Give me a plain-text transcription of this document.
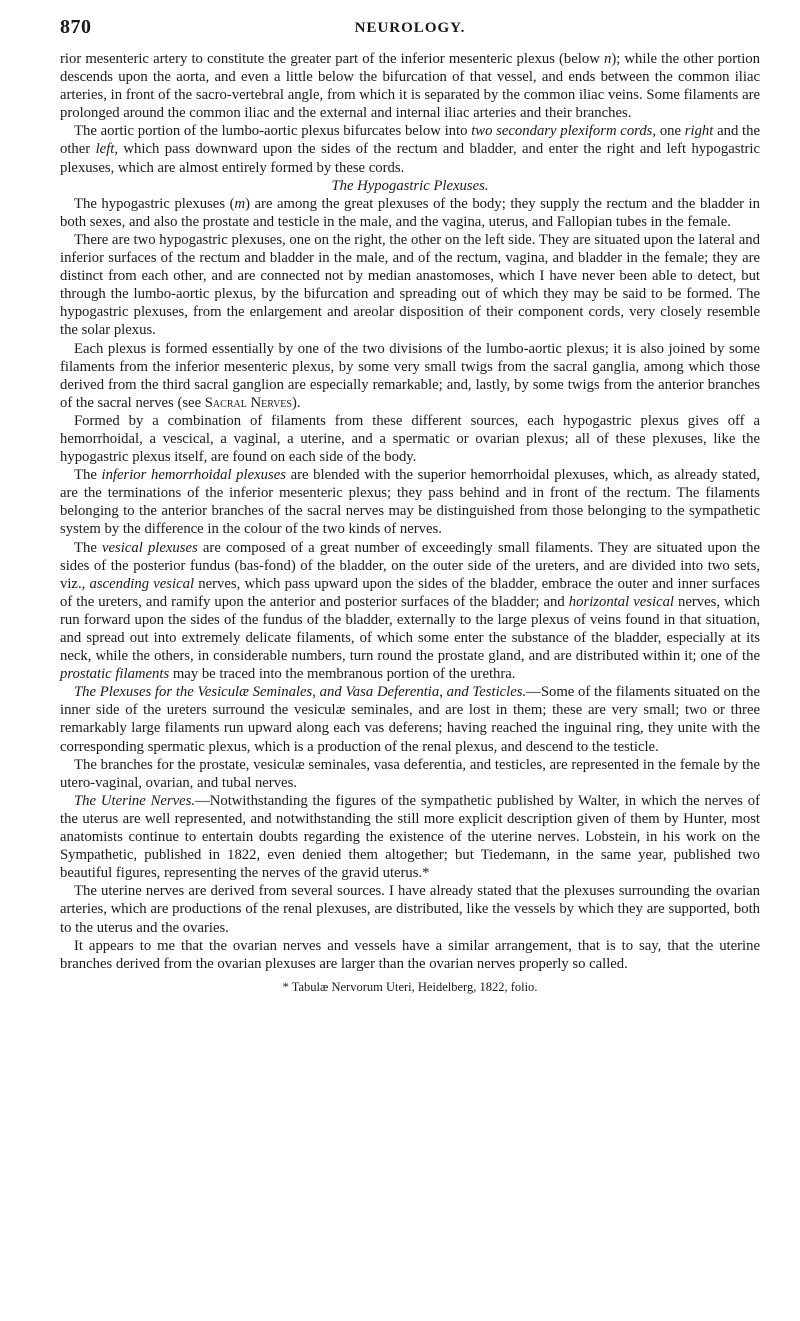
870	NEUROLOGY.

rior mesenteric artery to constitute the greater part of the inferior mesenteric plexus (below n); while the other portion descends upon the aorta, and even a little below the bifurcation of that vessel, and ends between the common iliac arteries, in front of the sacro-vertebral angle, from which it is separated by the common iliac veins. Some filaments are prolonged around the common iliac and the external and internal iliac arteries and their branches.

The aortic portion of the lumbo-aortic plexus bifurcates below into two secondary plexiform cords, one right and the other left, which pass downward upon the sides of the rectum and bladder, and enter the right and left hypogastric plexuses, which are almost entirely formed by these cords.

The Hypogastric Plexuses.

The hypogastric plexuses (m) are among the great plexuses of the body; they supply the rectum and the bladder in both sexes, and also the prostate and testicle in the male, and the vagina, uterus, and Fallopian tubes in the female.

There are two hypogastric plexuses, one on the right, the other on the left side. They are situated upon the lateral and inferior surfaces of the rectum and bladder in the male, and of the rectum, vagina, and bladder in the female; they are distinct from each other, and are connected not by median anastomoses, which I have never been able to detect, but through the lumbo-aortic plexus, by the bifurcation and spreading out of which they may be said to be formed. The hypogastric plexuses, from the enlargement and areolar disposition of their component cords, very closely resemble the solar plexus.

Each plexus is formed essentially by one of the two divisions of the lumbo-aortic plexus; it is also joined by some filaments from the inferior mesenteric plexus, by some very small twigs from the sacral ganglia, among which those derived from the third sacral ganglion are especially remarkable; and, lastly, by some twigs from the anterior branches of the sacral nerves (see Sacral Nerves).

Formed by a combination of filaments from these different sources, each hypogastric plexus gives off a hemorrhoidal, a vescical, a vaginal, a uterine, and a spermatic or ovarian plexus; all of these plexuses, like the hypogastric plexus itself, are found on each side of the body.

The inferior hemorrhoidal plexuses are blended with the superior hemorrhoidal plexuses, which, as already stated, are the terminations of the inferior mesenteric plexus; they pass behind and in front of the rectum. The filaments belonging to the anterior branches of the sacral nerves may be distinguished from those belonging to the sympathetic system by the difference in the colour of the two kinds of nerves.

The vesical plexuses are composed of a great number of exceedingly small filaments. They are situated upon the sides of the posterior fundus (bas-fond) of the bladder, on the outer side of the ureters, and are divided into two sets, viz., ascending vesical nerves, which pass upward upon the sides of the bladder, embrace the outer and inner surfaces of the ureters, and ramify upon the anterior and posterior surfaces of the bladder; and horizontal vesical nerves, which run forward upon the sides of the fundus of the bladder, externally to the large plexus of veins found in that situation, and spread out into extremely delicate filaments, of which some enter the substance of the bladder, especially at its neck, while the others, in considerable numbers, turn round the prostate gland, and are distributed within it; one of the prostatic filaments may be traced into the membranous portion of the urethra.

The Plexuses for the Vesiculæ Seminales, and Vasa Deferentia, and Testicles.—Some of the filaments situated on the inner side of the ureters surround the vesiculæ seminales, and are lost in them; these are very small; two or three remarkably large filaments run upward along each vas deferens; having reached the inguinal ring, they unite with the corresponding spermatic plexus, which is a production of the renal plexus, and descend to the testicle.

The branches for the prostate, vesiculæ seminales, vasa deferentia, and testicles, are represented in the female by the utero-vaginal, ovarian, and tubal nerves.

The Uterine Nerves.—Notwithstanding the figures of the sympathetic published by Walter, in which the nerves of the uterus are well represented, and notwithstanding the still more explicit description given of them by Hunter, most anatomists continue to entertain doubts regarding the existence of the uterine nerves. Lobstein, in his work on the Sympathetic, published in 1822, even denied them altogether; but Tiedemann, in the same year, published two beautiful figures, representing the nerves of the gravid uterus.*

The uterine nerves are derived from several sources. I have already stated that the plexuses surrounding the ovarian arteries, which are productions of the renal plexuses, are distributed, like the vessels by which they are supported, both to the uterus and the ovaries.

It appears to me that the ovarian nerves and vessels have a similar arrangement, that is to say, that the uterine branches derived from the ovarian plexuses are larger than the ovarian nerves properly so called.

* Tabulæ Nervorum Uteri, Heidelberg, 1822, folio.
